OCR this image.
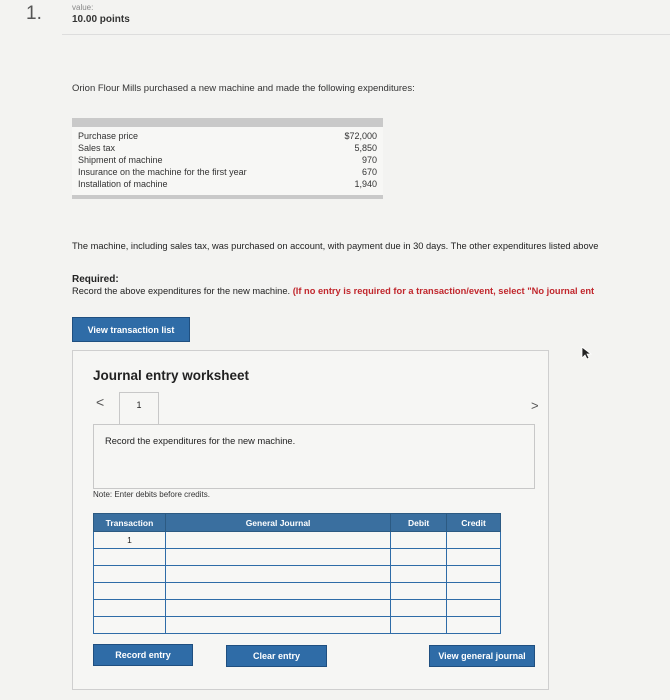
1.	value:
10.00 points
Orion Flour Mills purchased a new machine and made the following expenditures:
Purchase price	$72,000
Sales tax	5,850
Shipment of machine	970
Insurance on the machine for the first year	670
Installation of machine	1,940
The machine, including sales tax, was purchased on account, with payment due in 30 days. The other expenditures listed above
Required:
Record the above expenditures for the new machine. (If no entry is required for a transaction/event, select "No journal ent
View transaction list
Journal entry worksheet
<	1	>
Record the expenditures for the new machine.
Note: Enter debits before credits.
Transaction	General Journal	Debit	Credit
1			

Record entry	Clear entry	View general journal
